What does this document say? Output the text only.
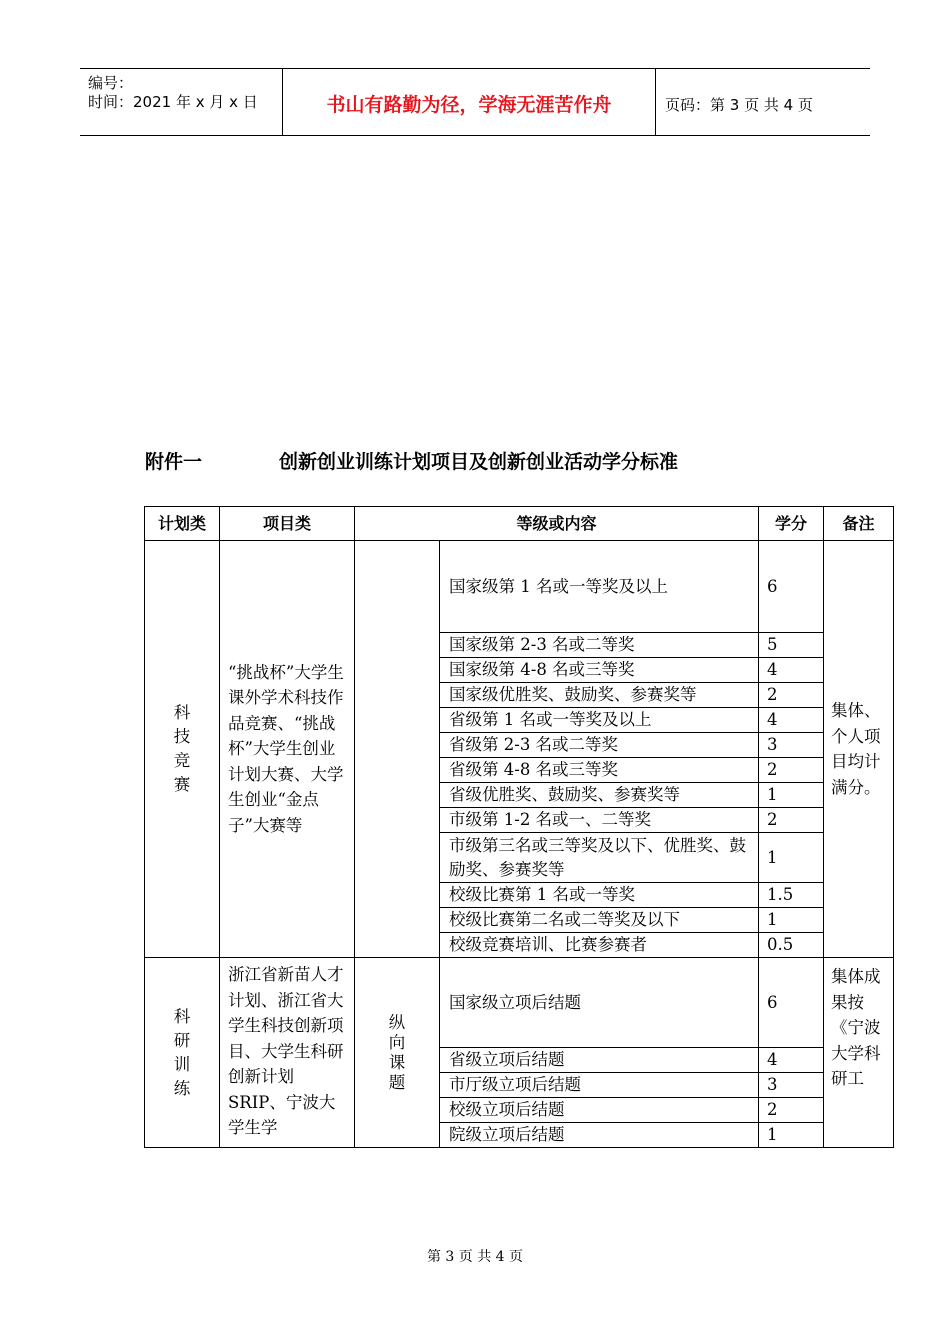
编号：
时间：2021 年 x 月 x 日	书山有路勤为径，学海无涯苦作舟	页码：第 3 页 共 4 页
附件一	创新创业训练计划项目及创新创业活动学分标准
计划类	项目类	等级或内容		学分	备注

科技竞赛	“挑战杯”大学生课外学术科技作品竞赛、“挑战杯”大学生创业计划大赛、大学生创业“金点子”大赛等		国家级第 1 名或一等奖及以上	6	集体、个人项目均计满分。
			国家级第 2-3 名或二等奖	5	
			国家级第 4-8 名或三等奖	4	
			国家级优胜奖、鼓励奖、参赛奖等	2	
			省级第 1 名或一等奖及以上	4	
			省级第 2-3 名或二等奖	3	
			省级第 4-8 名或三等奖	2	
			省级优胜奖、鼓励奖、参赛奖等	1	
			市级第 1-2 名或一、二等奖	2	
			市级第三名或三等奖及以下、优胜奖、鼓励奖、参赛奖等	1	
			校级比赛第 1 名或一等奖	1.5	
			校级比赛第二名或二等奖及以下	1	
			校级竞赛培训、比赛参赛者	0.5	

科研训练	浙江省新苗人才计划、浙江省大学生科技创新项目、大学生科研创新计划SRIP、宁波大学生学	纵向课题	国家级立项后结题	6	集体成果按《宁波大学科研工
			省级立项后结题	4	
			市厅级立项后结题	3	
			校级立项后结题	2	
			院级立项后结题	1	
第 3 页 共 4 页
